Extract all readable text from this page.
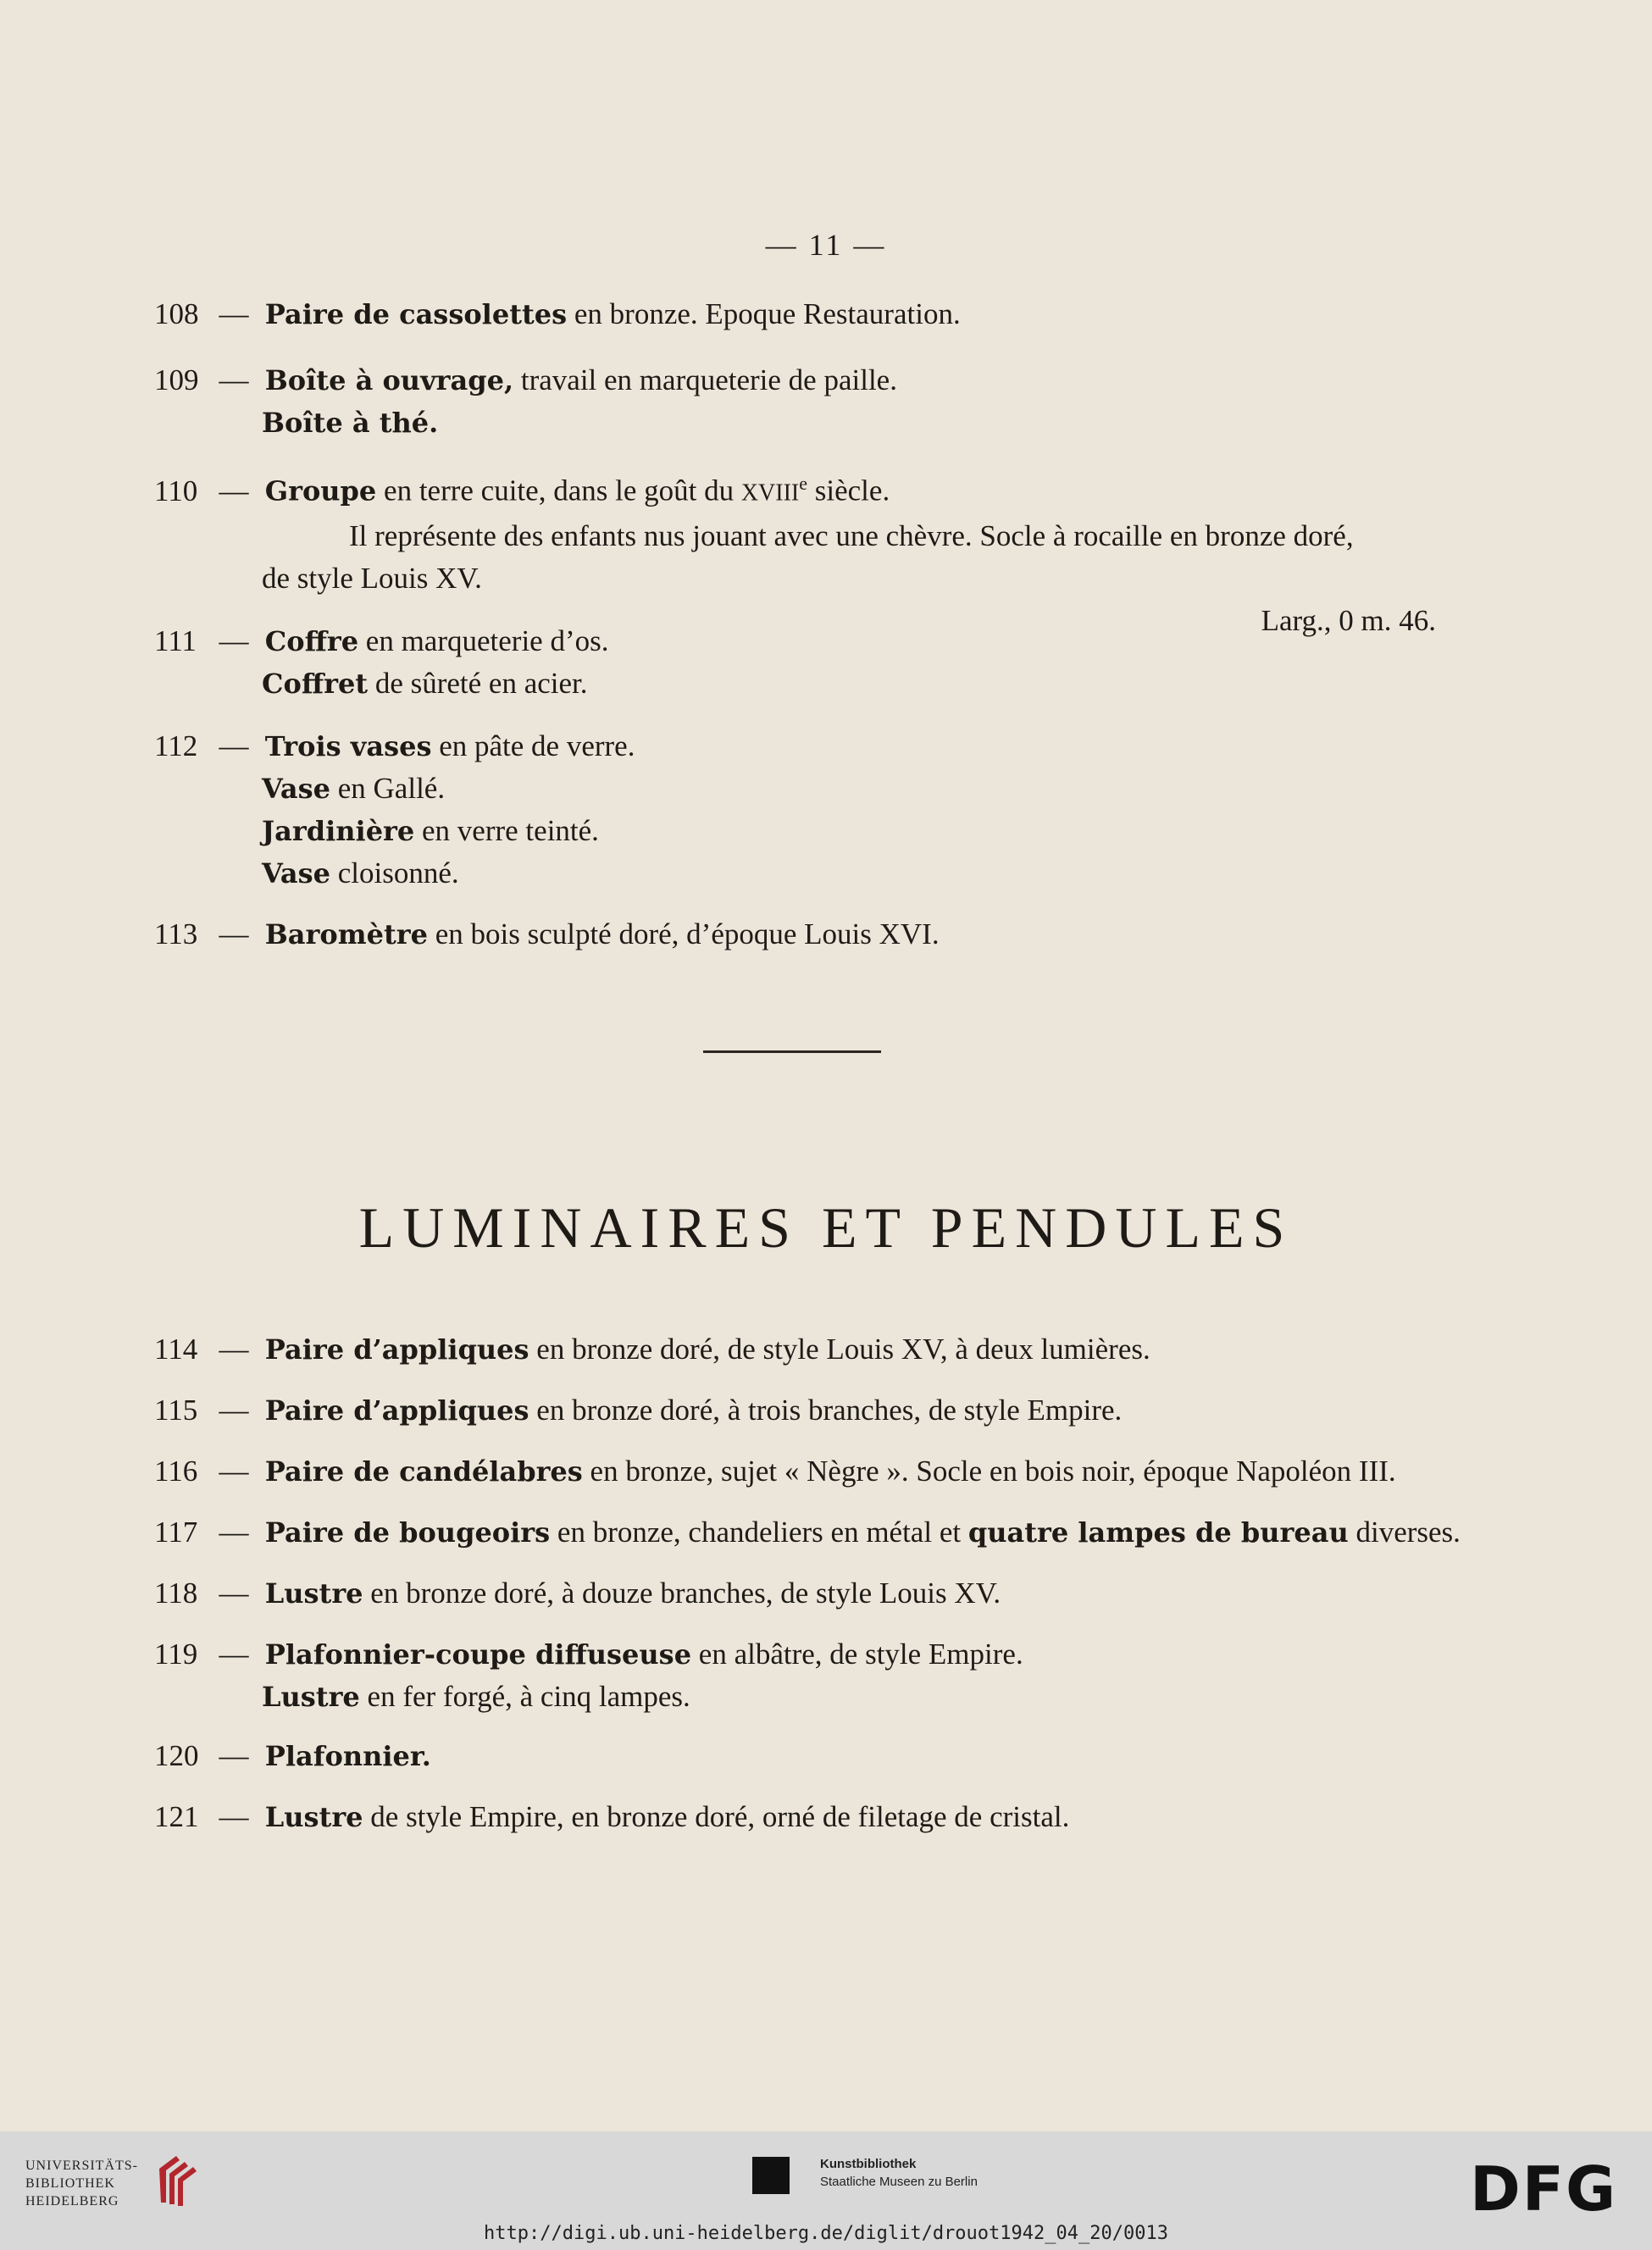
— 11 —
108 — Paire de cassolettes en bronze. Epoque Restauration.
109 — Boîte à ouvrage, travail en marqueterie de paille.
Boîte à thé.
110 — Groupe en terre cuite, dans le goût du XVIIIe siècle.
Il représente des enfants nus jouant avec une chèvre. Socle à rocaille en bronze doré,
de style Louis XV.
Larg., 0 m. 46.
111 — Coffre en marqueterie d’os.
Coffret de sûreté en acier.
112 — Trois vases en pâte de verre.
Vase en Gallé.
Jardinière en verre teinté.
Vase cloisonné.
113 — Baromètre en bois sculpté doré, d’époque Louis XVI.
LUMINAIRES ET PENDULES
114 — Paire d’appliques en bronze doré, de style Louis XV, à deux lumières.
115 — Paire d’appliques en bronze doré, à trois branches, de style Empire.
116 — Paire de candélabres en bronze, sujet « Nègre ». Socle en bois noir, époque Napoléon III.
117 — Paire de bougeoirs en bronze, chandeliers en métal et quatre lampes de bureau diverses.
118 — Lustre en bronze doré, à douze branches, de style Louis XV.
119 — Plafonnier-coupe diffuseuse en albâtre, de style Empire.
Lustre en fer forgé, à cinq lampes.
120 — Plafonnier.
121 — Lustre de style Empire, en bronze doré, orné de filetage de cristal.
UNIVERSITÄTS-
BIBLIOTHEK
HEIDELBERG
Kunstbibliothek
Staatliche Museen zu Berlin	DFG
http://digi.ub.uni-heidelberg.de/diglit/drouot1942_04_20/0013
